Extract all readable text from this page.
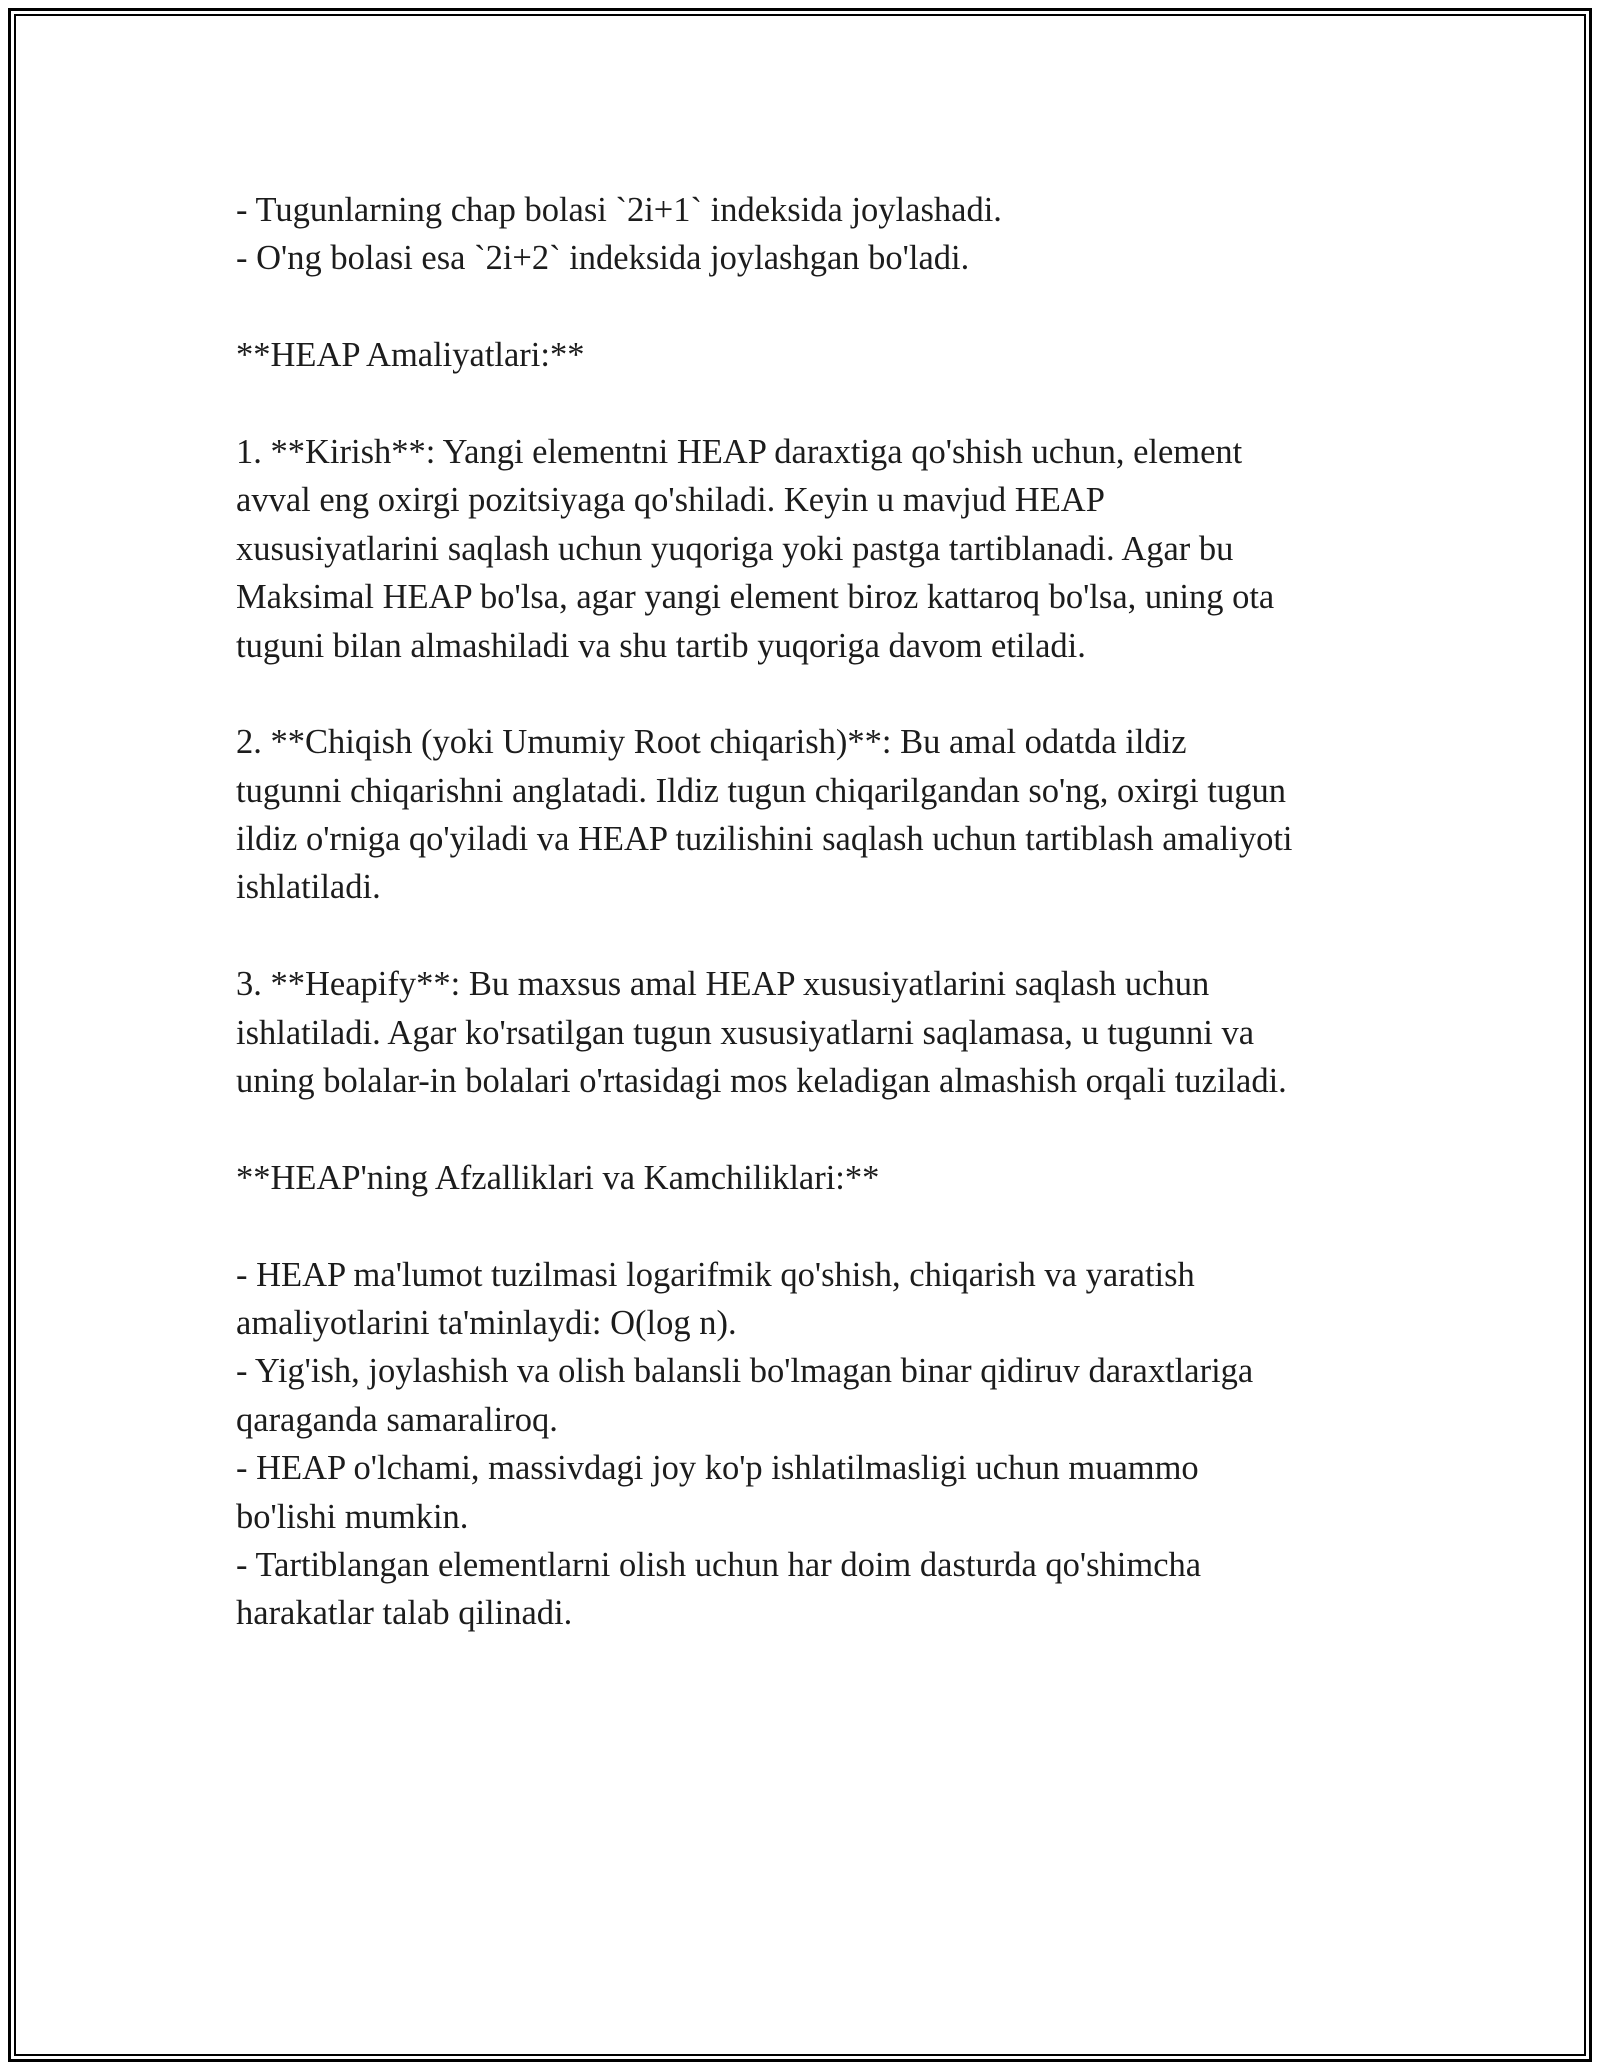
- Tugunlarning chap bolasi `2i+1` indeksida joylashadi.
- O'ng bolasi esa `2i+2` indeksida joylashgan bo'ladi.
**HEAP Amaliyatlari:**
1. **Kirish**: Yangi elementni HEAP daraxtiga qo'shish uchun, element
avval eng oxirgi pozitsiyaga qo'shiladi. Keyin u mavjud HEAP
xususiyatlarini saqlash uchun yuqoriga yoki pastga tartiblanadi. Agar bu
Maksimal HEAP bo'lsa, agar yangi element biroz kattaroq bo'lsa, uning ota
tuguni bilan almashiladi va shu tartib yuqoriga davom etiladi.
2. **Chiqish (yoki Umumiy Root chiqarish)**: Bu amal odatda ildiz
tugunni chiqarishni anglatadi. Ildiz tugun chiqarilgandan so'ng, oxirgi tugun
ildiz o'rniga qo'yiladi va HEAP tuzilishini saqlash uchun tartiblash amaliyoti
ishlatiladi.
3. **Heapify**: Bu maxsus amal HEAP xususiyatlarini saqlash uchun
ishlatiladi. Agar ko'rsatilgan tugun xususiyatlarni saqlamasa, u tugunni va
uning bolalar-in bolalari o'rtasidagi mos keladigan almashish orqali tuziladi.
**HEAP'ning Afzalliklari va Kamchiliklari:**
- HEAP ma'lumot tuzilmasi logarifmik qo'shish, chiqarish va yaratish
amaliyotlarini ta'minlaydi: O(log n).
- Yig'ish, joylashish va olish balansli bo'lmagan binar qidiruv daraxtlariga
qaraganda samaraliroq.
- HEAP o'lchami, massivdagi joy ko'p ishlatilmasligi uchun muammo
bo'lishi mumkin.
- Tartiblangan elementlarni olish uchun har doim dasturda qo'shimcha
harakatlar talab qilinadi.
